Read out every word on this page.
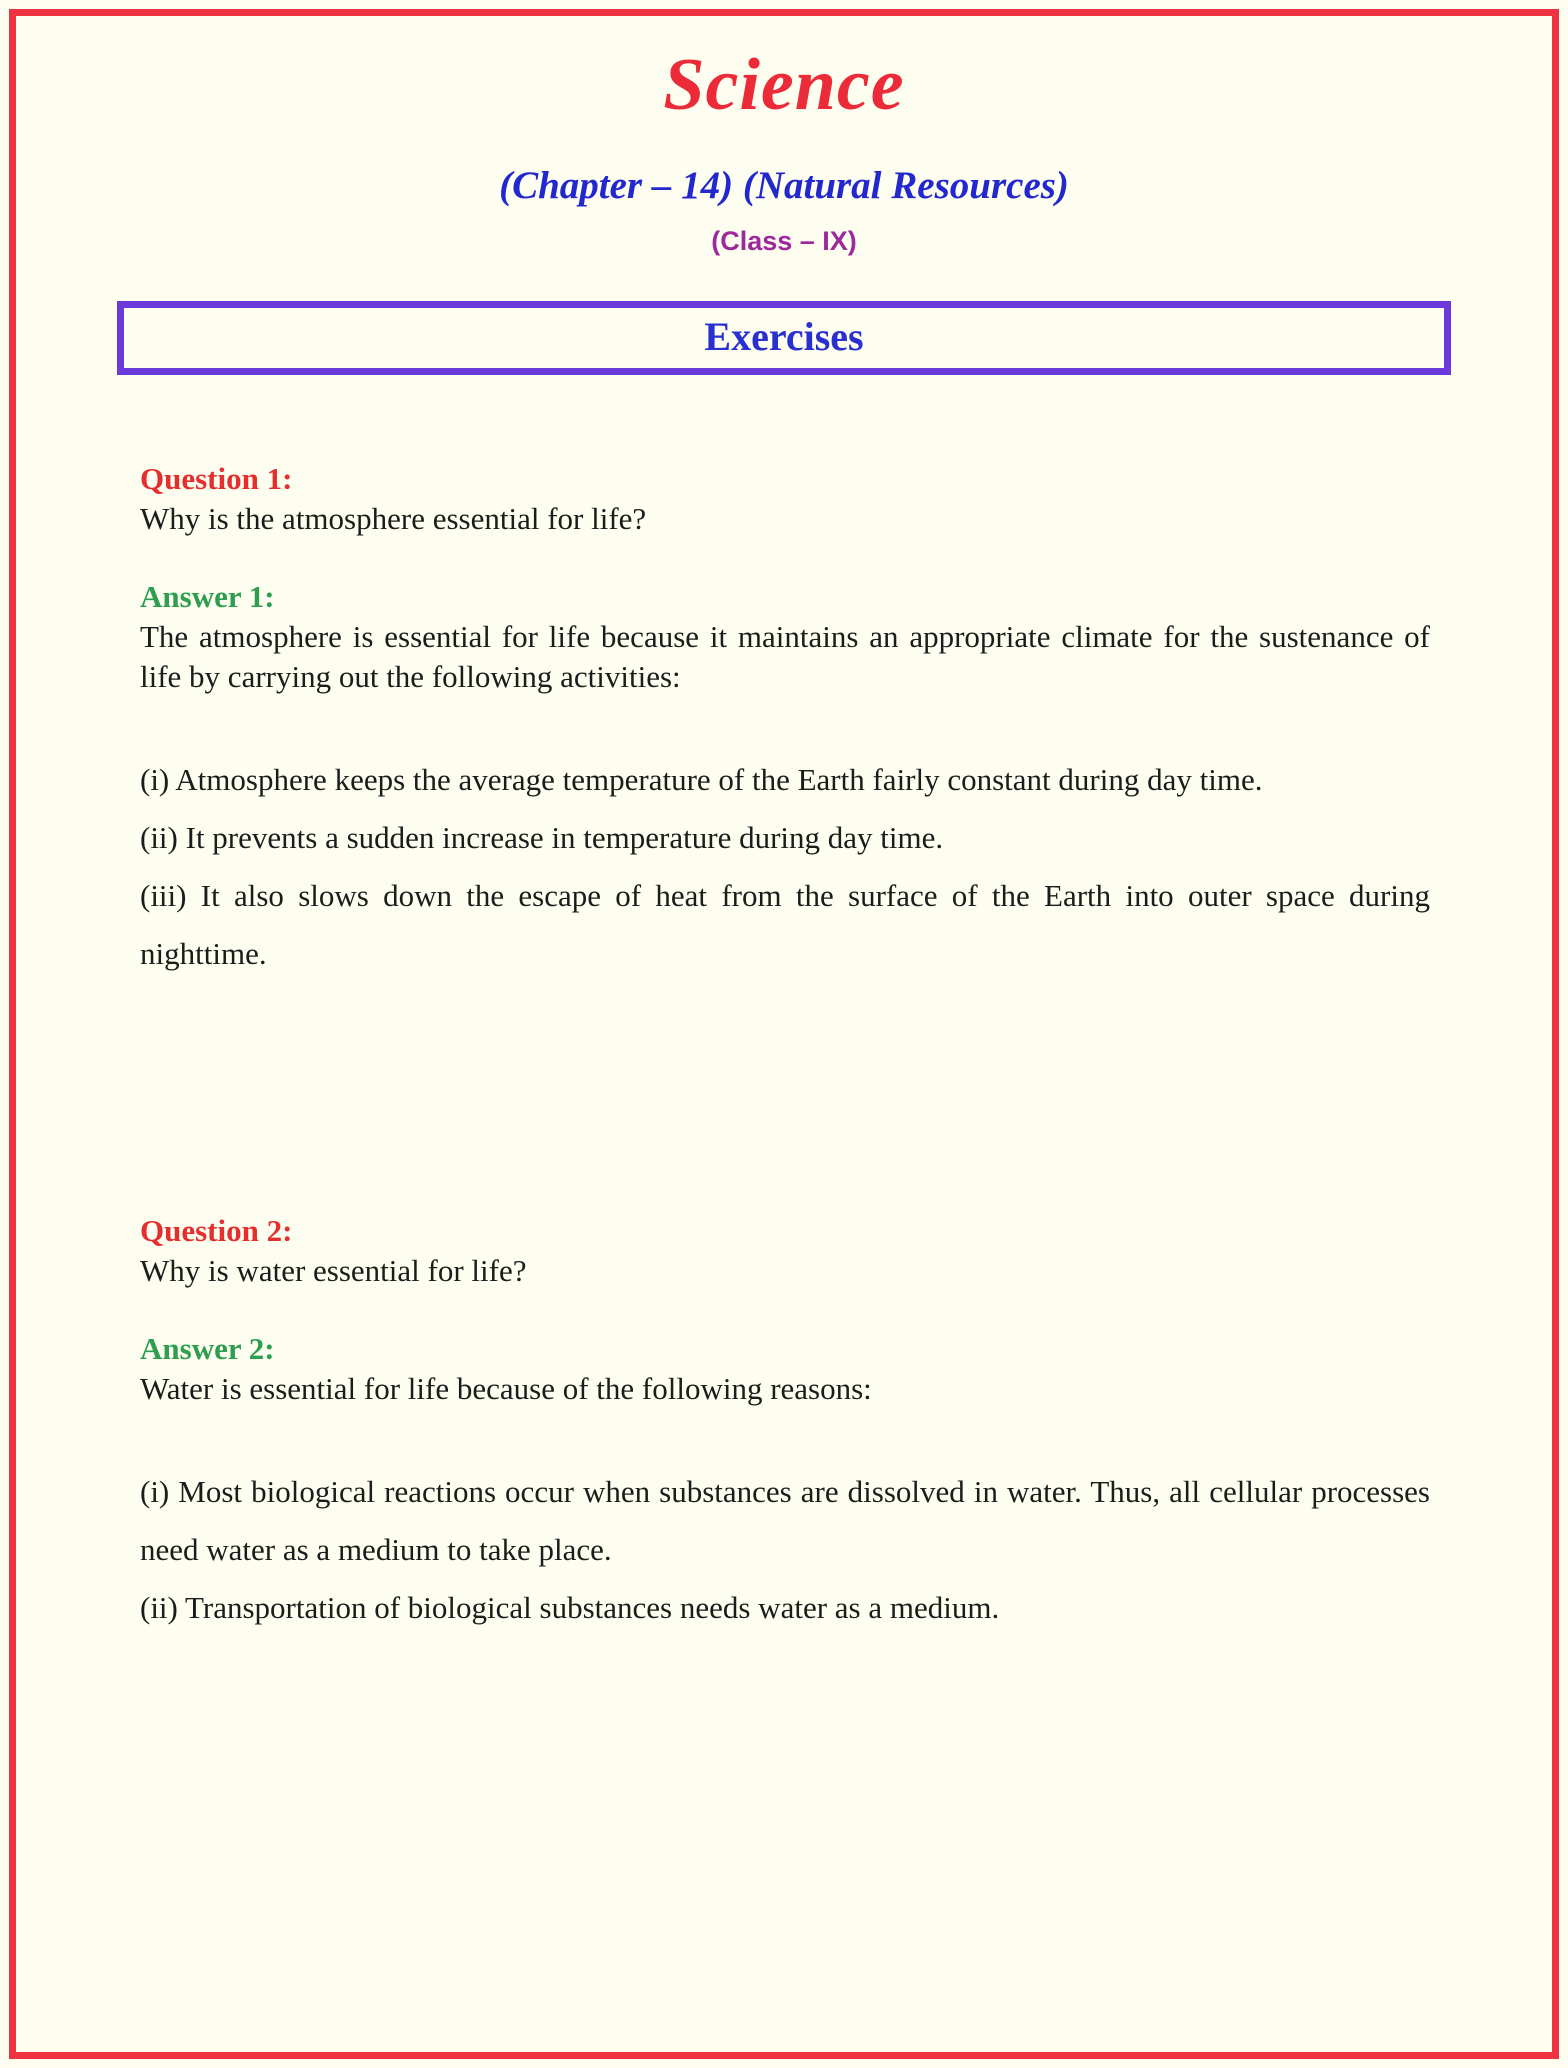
Science
(Chapter – 14) (Natural Resources)
(Class – IX)
Exercises
Question 1:
Why is the atmosphere essential for life?
Answer 1:
The atmosphere is essential for life because it maintains an appropriate climate for the sustenance of life by carrying out the following activities:

(i) Atmosphere keeps the average temperature of the Earth fairly constant during day time.

(ii) It prevents a sudden increase in temperature during day time.

(iii) It also slows down the escape of heat from the surface of the Earth into outer space during nighttime.

Question 2:
Why is water essential for life?
Answer 2:
Water is essential for life because of the following reasons:

(i) Most biological reactions occur when substances are dissolved in water. Thus, all cellular processes need water as a medium to take place.

(ii) Transportation of biological substances needs water as a medium.
